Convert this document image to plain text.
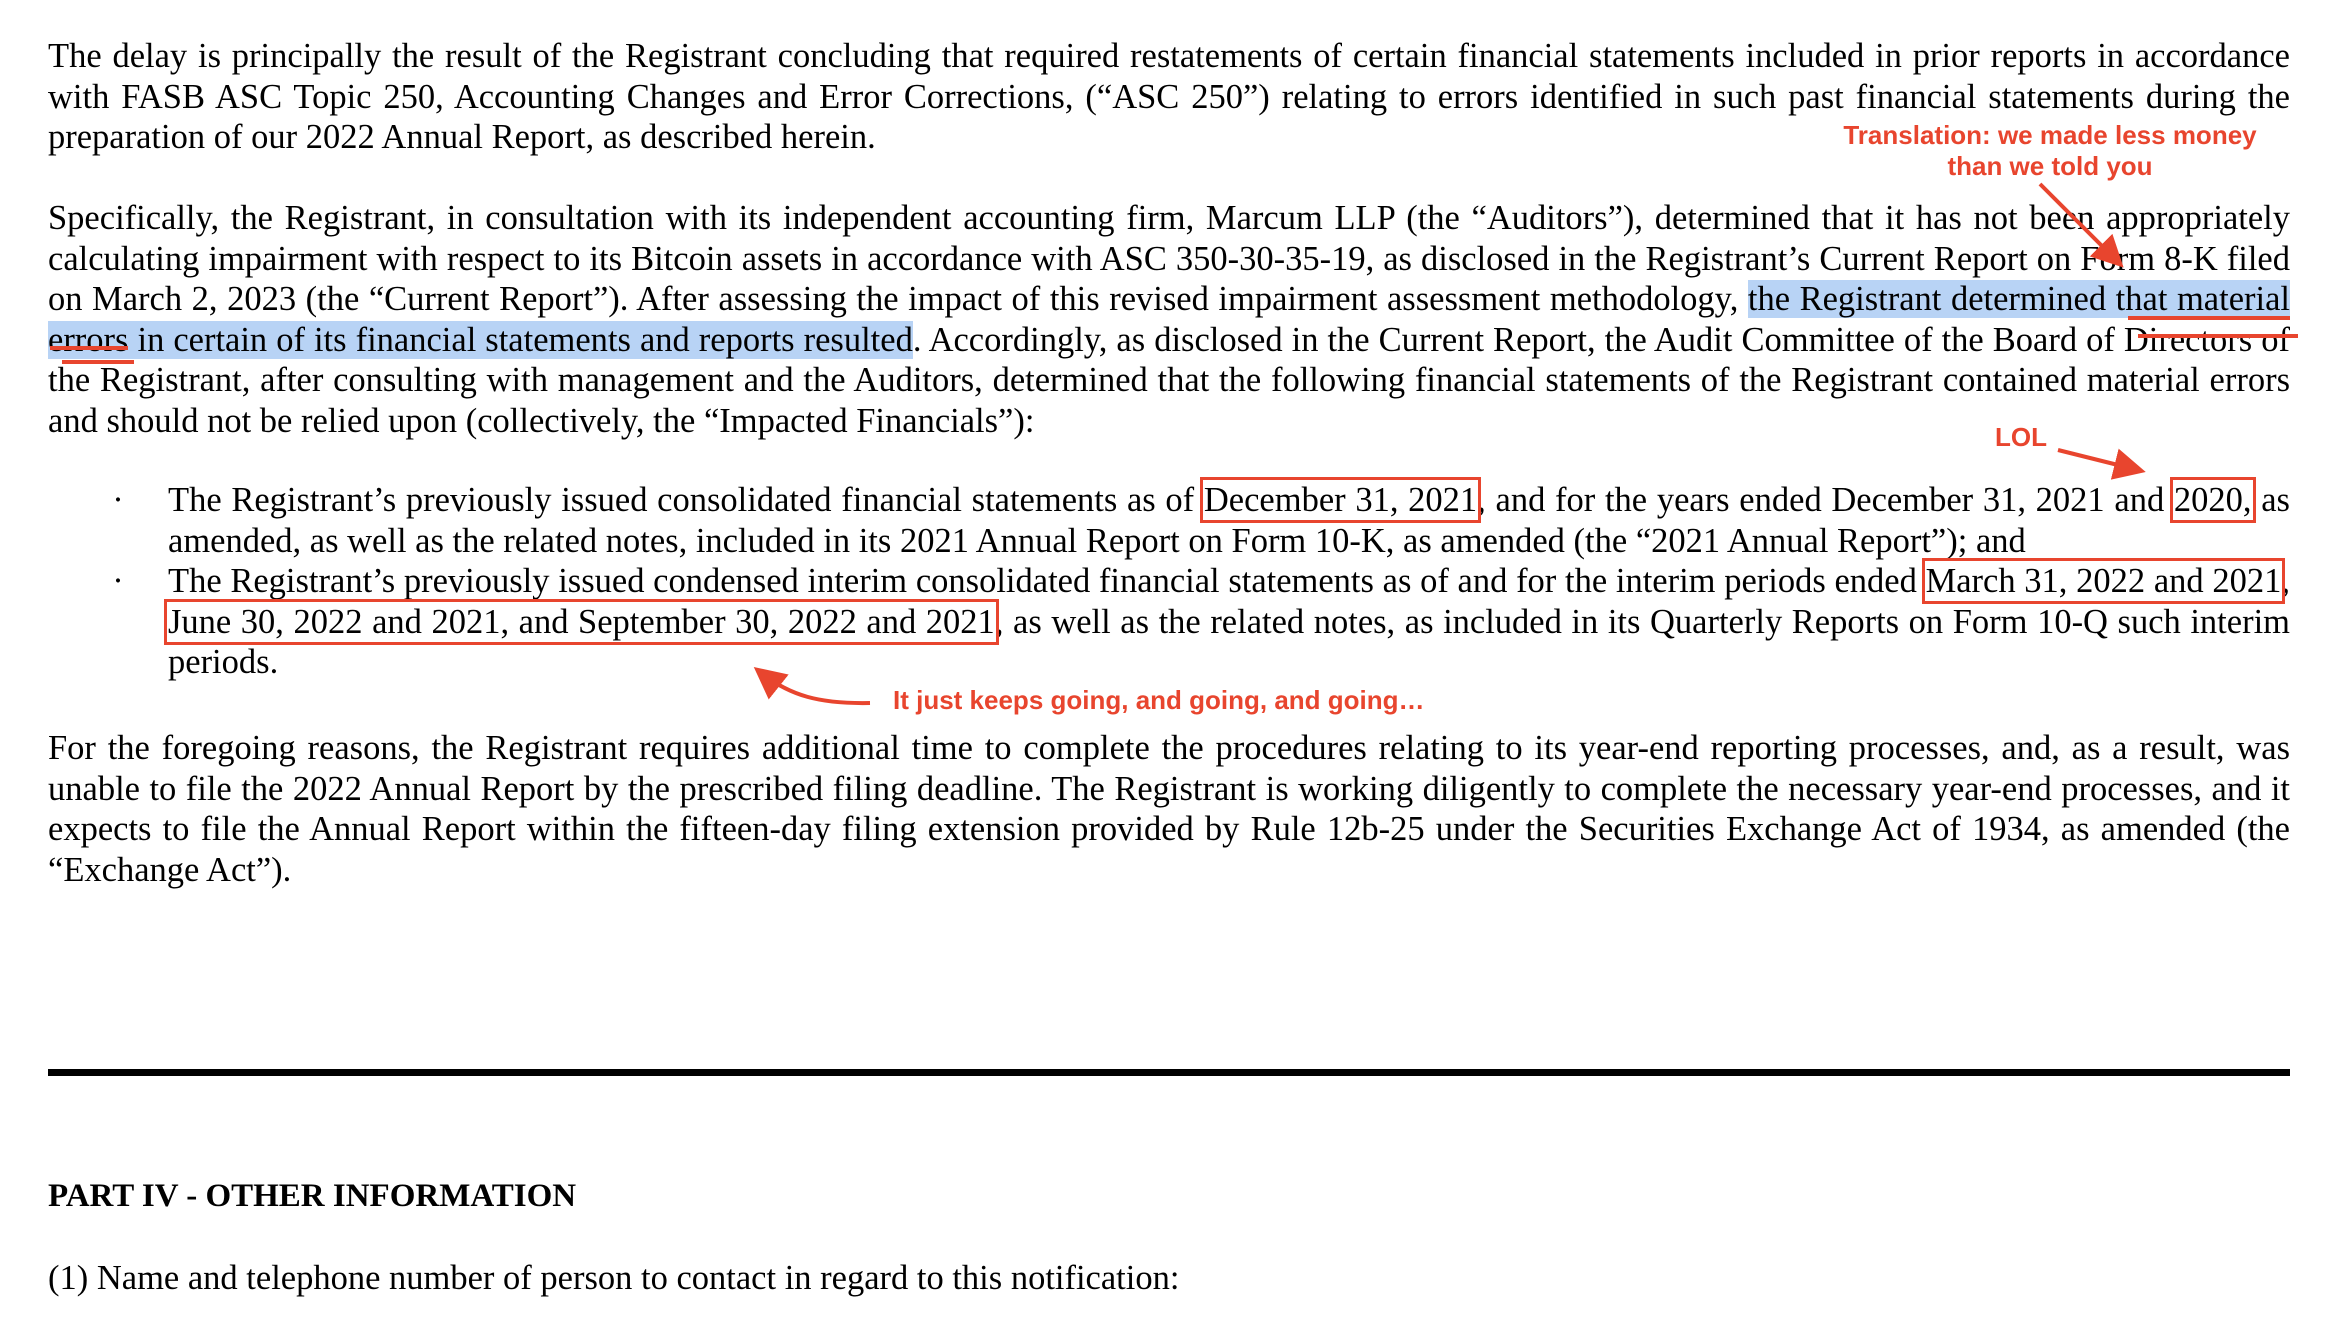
The delay is principally the result of the Registrant concluding that required restatements of certain financial statements included in prior reports in accordance with FASB ASC Topic 250, Accounting Changes and Error Corrections, (“ASC 250”) relating to errors identified in such past financial statements during the preparation of our 2022 Annual Report, as described herein.

Specifically, the Registrant, in consultation with its independent accounting firm, Marcum LLP (the “Auditors”), determined that it has not been appropriately calculating impairment with respect to its Bitcoin assets in accordance with ASC 350-30-35-19, as disclosed in the Registrant’s Current Report on Form 8-K filed on March 2, 2023 (the “Current Report”). After assessing the impact of this revised impairment assessment methodology, the Registrant determined that material errors in certain of its financial statements and reports resulted. Accordingly, as disclosed in the Current Report, the Audit Committee of the Board of Directors of the Registrant, after consulting with management and the Auditors, determined that the following financial statements of the Registrant contained material errors and should not be relied upon (collectively, the “Impacted Financials”):

· The Registrant’s previously issued consolidated financial statements as of December 31, 2021, and for the years ended December 31, 2021 and 2020, as amended, as well as the related notes, included in its 2021 Annual Report on Form 10-K, as amended (the “2021 Annual Report”); and
· The Registrant’s previously issued condensed interim consolidated financial statements as of and for the interim periods ended March 31, 2022 and 2021, June 30, 2022 and 2021, and September 30, 2022 and 2021, as well as the related notes, as included in its Quarterly Reports on Form 10-Q such interim periods.

For the foregoing reasons, the Registrant requires additional time to complete the procedures relating to its year-end reporting processes, and, as a result, was unable to file the 2022 Annual Report by the prescribed filing deadline. The Registrant is working diligently to complete the necessary year-end processes, and it expects to file the Annual Report within the fifteen-day filing extension provided by Rule 12b-25 under the Securities Exchange Act of 1934, as amended (the “Exchange Act”).

PART IV - OTHER INFORMATION
(1) Name and telephone number of person to contact in regard to this notification:
Translation: we made less money
than we told you
LOL
It just keeps going, and going, and going…
